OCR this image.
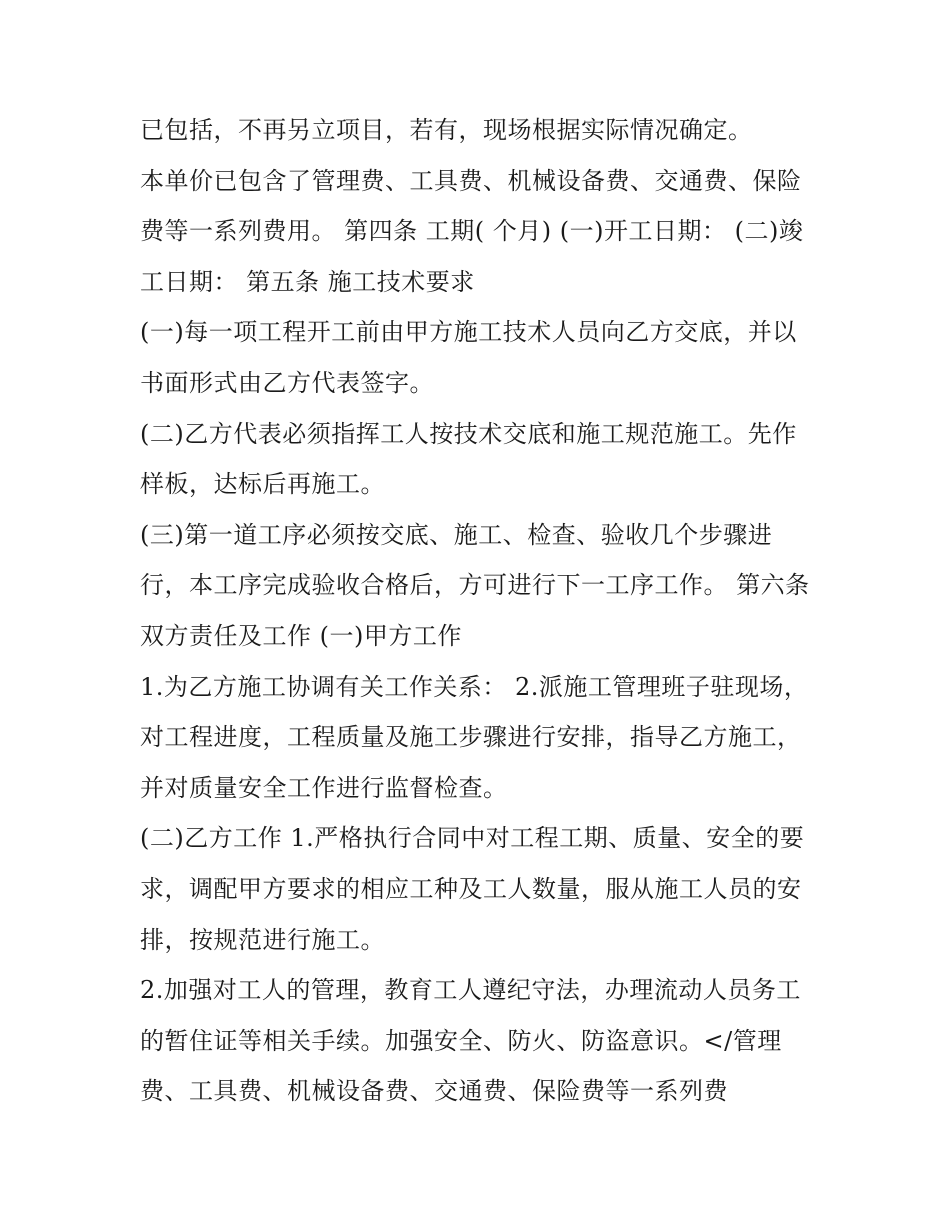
已包括，不再另立项目，若有，现场根据实际情况确定。

本单价已包含了管理费、工具费、机械设备费、交通费、保险费等一系列费用。 第四条 工期( 个月) (一)开工日期： (二)竣工日期： 第五条 施工技术要求

(一)每一项工程开工前由甲方施工技术人员向乙方交底，并以书面形式由乙方代表签字。

(二)乙方代表必须指挥工人按技术交底和施工规范施工。先作样板，达标后再施工。

(三)第一道工序必须按交底、施工、检查、验收几个步骤进行，本工序完成验收合格后，方可进行下一工序工作。 第六条 双方责任及工作 (一)甲方工作

1.为乙方施工协调有关工作关系： 2.派施工管理班子驻现场，对工程进度，工程质量及施工步骤进行安排，指导乙方施工，并对质量安全工作进行监督检查。

(二)乙方工作 1.严格执行合同中对工程工期、质量、安全的要求，调配甲方要求的相应工种及工人数量，服从施工人员的安排，按规范进行施工。

2.加强对工人的管理，教育工人遵纪守法，办理流动人员务工的暂住证等相关手续。加强安全、防火、防盗意识。</管理费、工具费、机械设备费、交通费、保险费等一系列费
